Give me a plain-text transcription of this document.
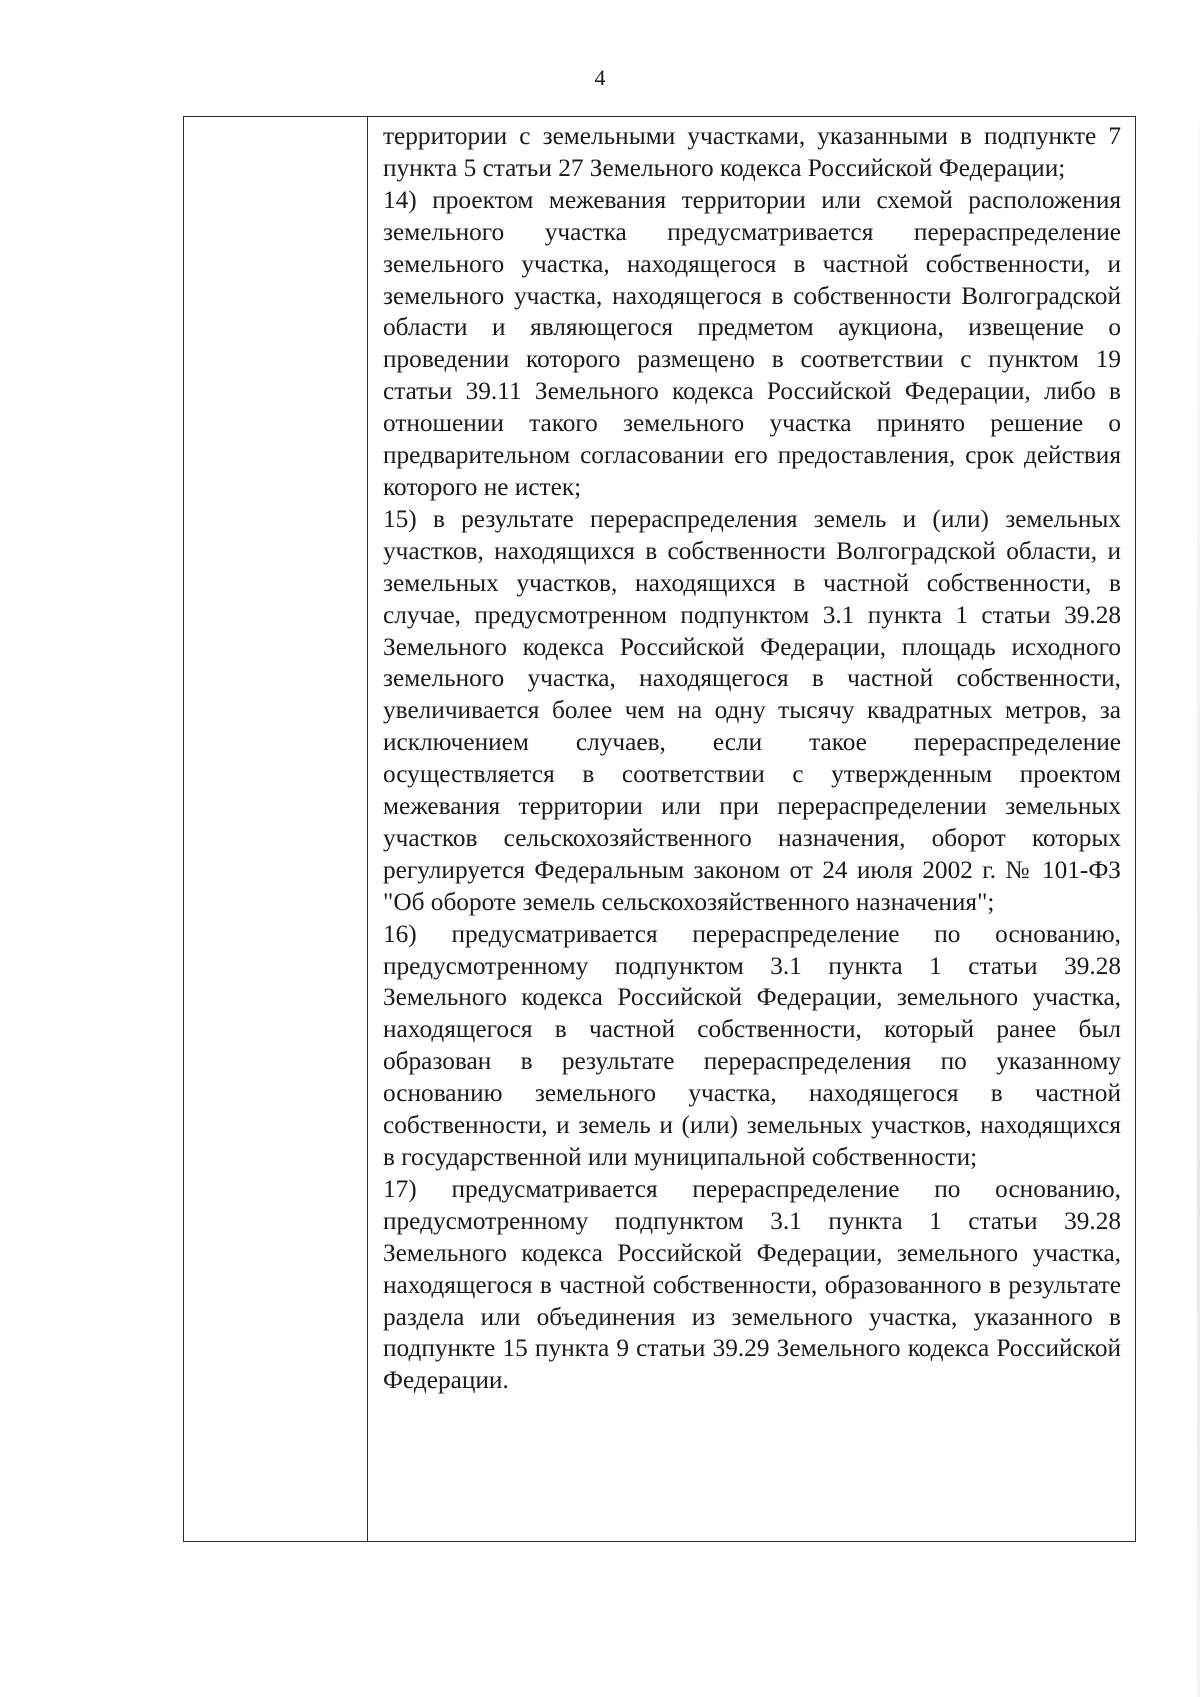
4

территории с земельными участками, указанными в подпункте 7 пункта 5 статьи 27 Земельного кодекса Российской Федерации;

14) проектом межевания территории или схемой расположения земельного участка предусматривается перераспределение земельного участка, находящегося в частной собственности, и земельного участка, находящегося в собственности Волгоградской области и являющегося предметом аукциона, извещение о проведении которого размещено в соответствии с пунктом 19 статьи 39.11 Земельного кодекса Российской Федерации, либо в отношении такого земельного участка принято решение о предварительном согласовании его предоставления, срок действия которого не истек;

15) в результате перераспределения земель и (или) земельных участков, находящихся в собственности Волгоградской области, и земельных участков, находящихся в частной собственности, в случае, предусмотренном подпунктом 3.1 пункта 1 статьи 39.28 Земельного кодекса Российской Федерации, площадь исходного земельного участка, находящегося в частной собственности, увеличивается более чем на одну тысячу квадратных метров, за исключением случаев, если такое перераспределение осуществляется в соответствии с утвержденным проектом межевания территории или при перераспределении земельных участков сельскохозяйственного назначения, оборот которых регулируется Федеральным законом от 24 июля 2002 г. № 101-ФЗ "Об обороте земель сельскохозяйственного назначения";

16) предусматривается перераспределение по основанию, предусмотренному подпунктом 3.1 пункта 1 статьи 39.28 Земельного кодекса Российской Федерации, земельного участка, находящегося в частной собственности, который ранее был образован в результате перераспределения по указанному основанию земельного участка, находящегося в частной собственности, и земель и (или) земельных участков, находящихся в государственной или муниципальной собственности;

17) предусматривается перераспределение по основанию, предусмотренному подпунктом 3.1 пункта 1 статьи 39.28 Земельного кодекса Российской Федерации, земельного участка, находящегося в частной собственности, образованного в результате раздела или объединения из земельного участка, указанного в подпункте 15 пункта 9 статьи 39.29 Земельного кодекса Российской Федерации.
